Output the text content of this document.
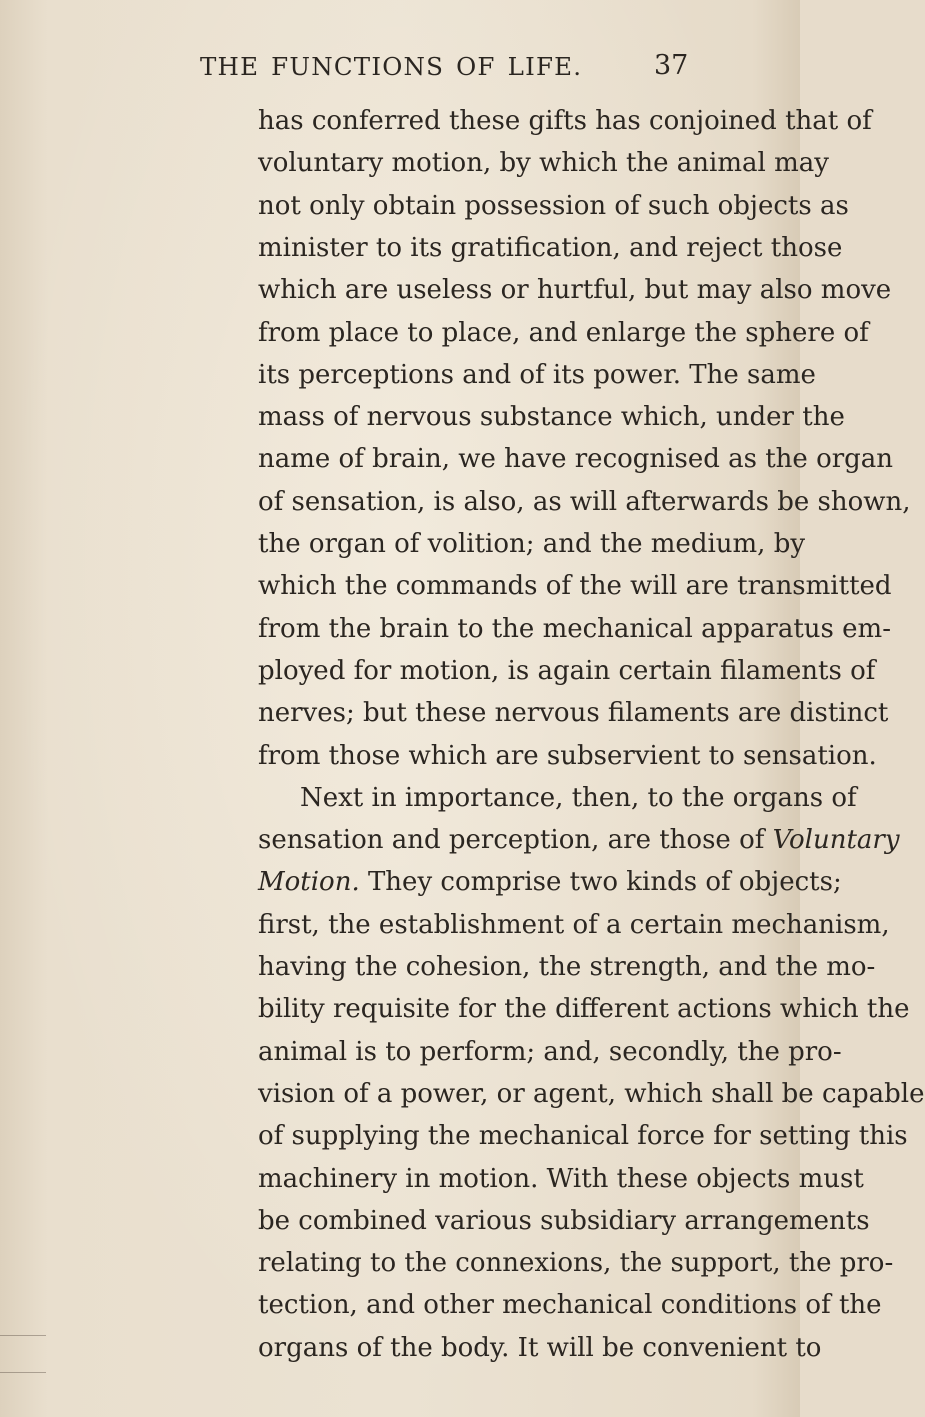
THE FUNCTIONS OF LIFE.	37
has conferred these gifts has conjoined that of
voluntary motion, by which the animal may
not only obtain possession of such objects as
minister to its gratification, and reject those
which are useless or hurtful, but may also move
from place to place, and enlarge the sphere of
its perceptions and of its power. The same
mass of nervous substance which, under the
name of brain, we have recognised as the organ
of sensation, is also, as will afterwards be shown,
the organ of volition; and the medium, by
which the commands of the will are transmitted
from the brain to the mechanical apparatus em-
ployed for motion, is again certain filaments of
nerves; but these nervous filaments are distinct
from those which are subservient to sensation.
Next in importance, then, to the organs of
sensation and perception, are those of Voluntary
Motion. They comprise two kinds of objects;
first, the establishment of a certain mechanism,
having the cohesion, the strength, and the mo-
bility requisite for the different actions which the
animal is to perform; and, secondly, the pro-
vision of a power, or agent, which shall be capable
of supplying the mechanical force for setting this
machinery in motion. With these objects must
be combined various subsidiary arrangements
relating to the connexions, the support, the pro-
tection, and other mechanical conditions of the
organs of the body. It will be convenient to
